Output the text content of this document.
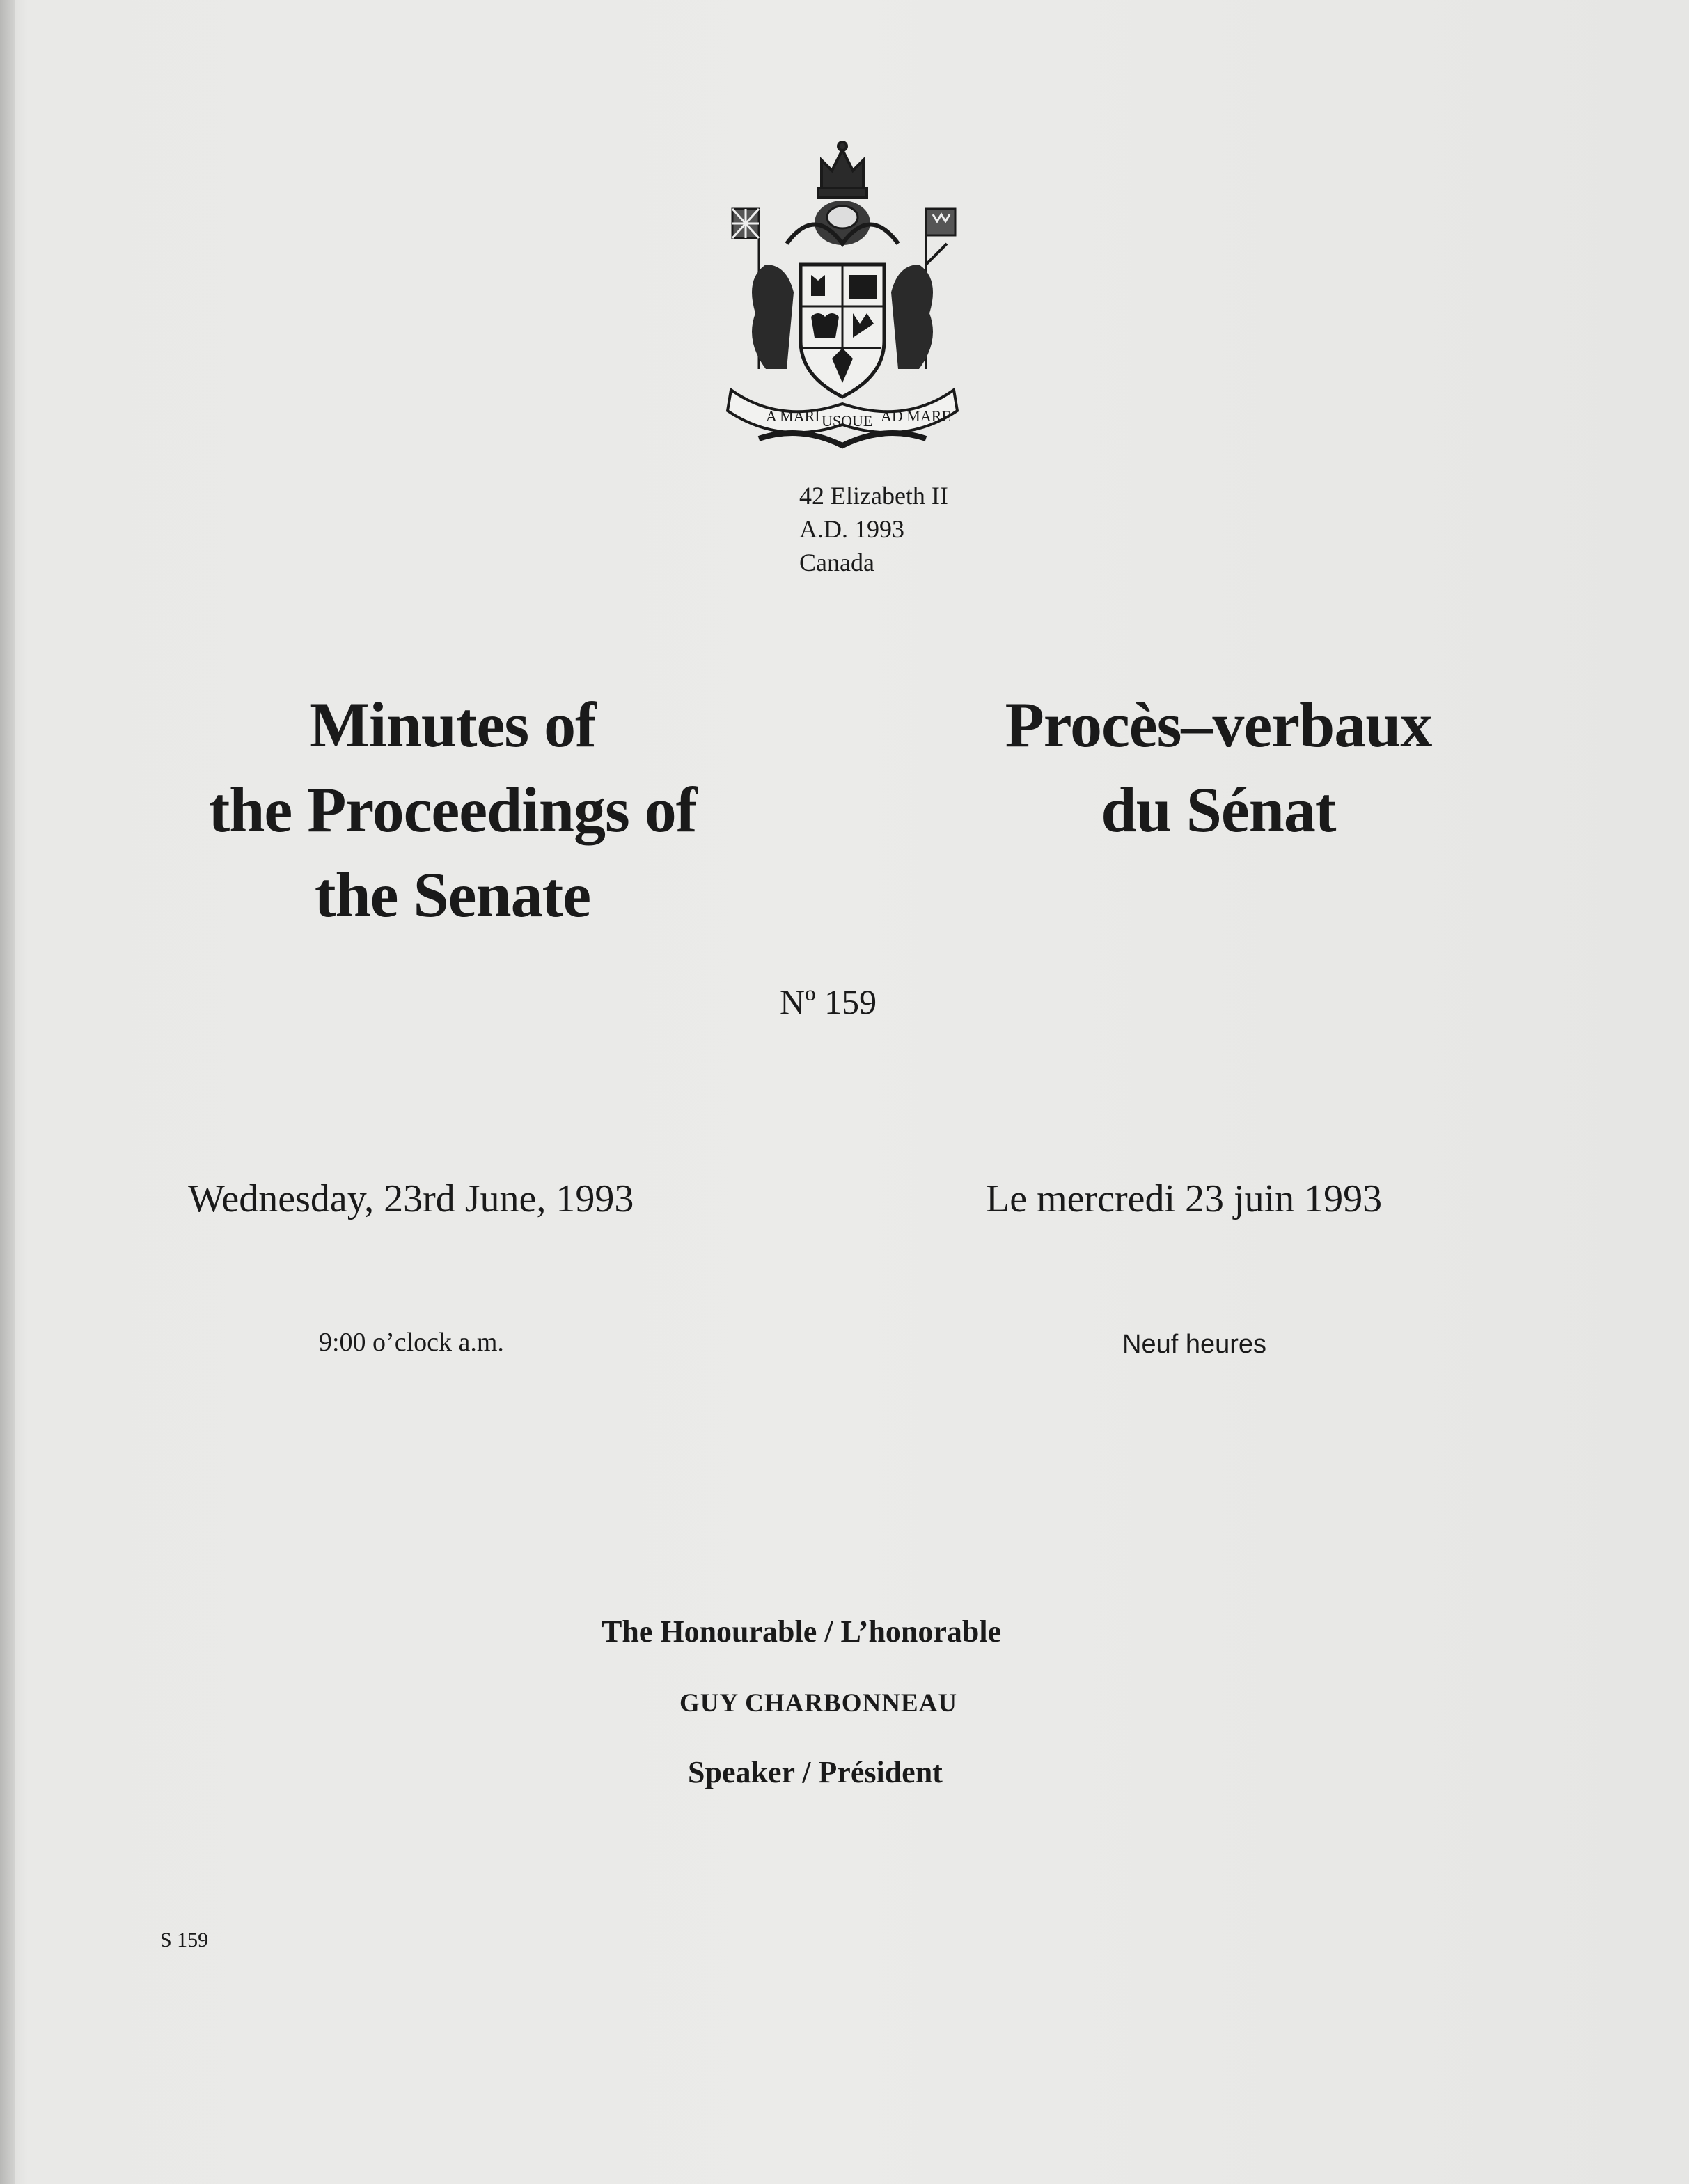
A MARI USQUE AD MARE
42 Elizabeth II
A.D. 1993
Canada
Minutes of
the Proceedings of
the Senate
Procès–verbaux
du Sénat
Nº 159
Wednesday, 23rd June, 1993	Le mercredi 23 juin 1993
9:00 o’clock a.m.	Neuf heures
The Honourable / L’honorable
GUY CHARBONNEAU
Speaker / Président
S 159
